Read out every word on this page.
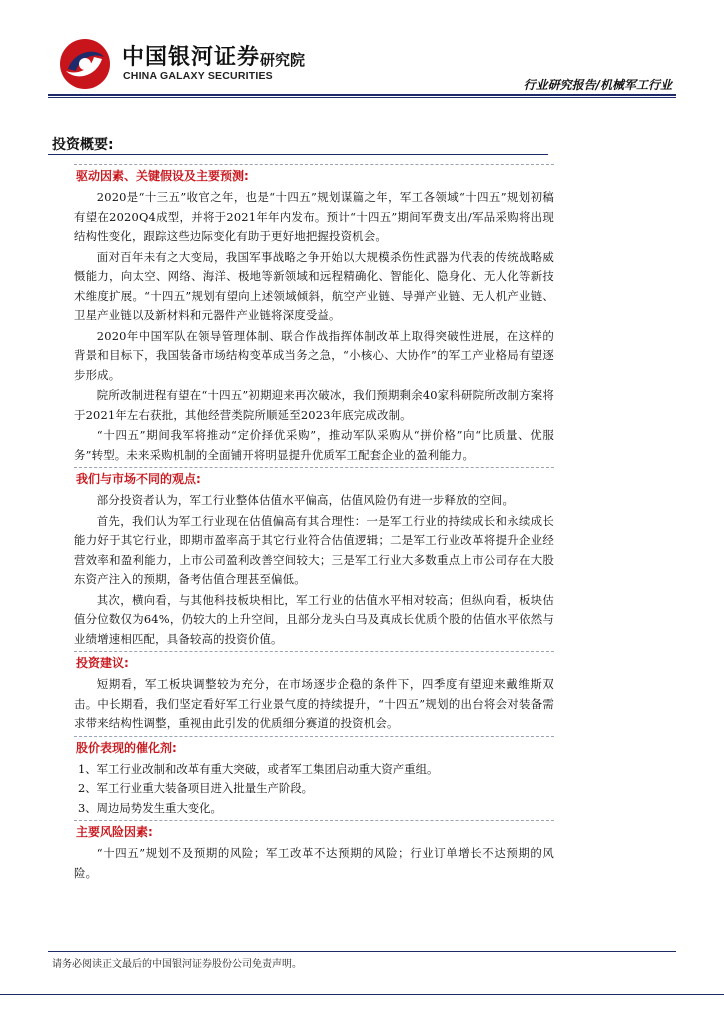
中国银河证券
CHINA GALAXY SECURITIES
研究院
行业研究报告/机械军工行业
投资概要:
驱动因素、关键假设及主要预测:

2020是“十三五”收官之年，也是“十四五”规划谋篇之年，军工各领域“十四五”规划初稿有望在2020Q4成型，并将于2021年年内发布。预计“十四五”期间军费支出/军品采购将出现结构性变化，跟踪这些边际变化有助于更好地把握投资机会。

面对百年未有之大变局，我国军事战略之争开始以大规模杀伤性武器为代表的传统战略威慑能力，向太空、网络、海洋、极地等新领域和远程精确化、智能化、隐身化、无人化等新技术维度扩展。“十四五”规划有望向上述领域倾斜，航空产业链、导弹产业链、无人机产业链、卫星产业链以及新材料和元器件产业链将深度受益。

2020年中国军队在领导管理体制、联合作战指挥体制改革上取得突破性进展，在这样的背景和目标下，我国装备市场结构变革成当务之急，“小核心、大协作”的军工产业格局有望逐步形成。

院所改制进程有望在“十四五”初期迎来再次破冰，我们预期剩余40家科研院所改制方案将于2021年左右获批，其他经营类院所顺延至2023年底完成改制。

“十四五”期间我军将推动“定价择优采购”，推动军队采购从“拼价格”向“比质量、优服务”转型。未来采购机制的全面铺开将明显提升优质军工配套企业的盈利能力。

我们与市场不同的观点:

部分投资者认为，军工行业整体估值水平偏高，估值风险仍有进一步释放的空间。

首先，我们认为军工行业现在估值偏高有其合理性：一是军工行业的持续成长和永续成长能力好于其它行业，即期市盈率高于其它行业符合估值逻辑；二是军工行业改革将提升企业经营效率和盈利能力，上市公司盈利改善空间较大；三是军工行业大多数重点上市公司存在大股东资产注入的预期，备考估值合理甚至偏低。

其次，横向看，与其他科技板块相比，军工行业的估值水平相对较高；但纵向看，板块估值分位数仅为64%，仍较大的上升空间，且部分龙头白马及真成长优质个股的估值水平依然与业绩增速相匹配，具备较高的投资价值。

投资建议:

短期看，军工板块调整较为充分，在市场逐步企稳的条件下，四季度有望迎来戴维斯双击。中长期看，我们坚定看好军工行业景气度的持续提升，“十四五”规划的出台将会对装备需求带来结构性调整，重视由此引发的优质细分赛道的投资机会。

股价表现的催化剂:

1、军工行业改制和改革有重大突破，或者军工集团启动重大资产重组。

2、军工行业重大装备项目进入批量生产阶段。

3、周边局势发生重大变化。

主要风险因素:

“十四五”规划不及预期的风险；军工改革不达预期的风险；行业订单增长不达预期的风险。

请务必阅读正文最后的中国银河证券股份公司免责声明。
